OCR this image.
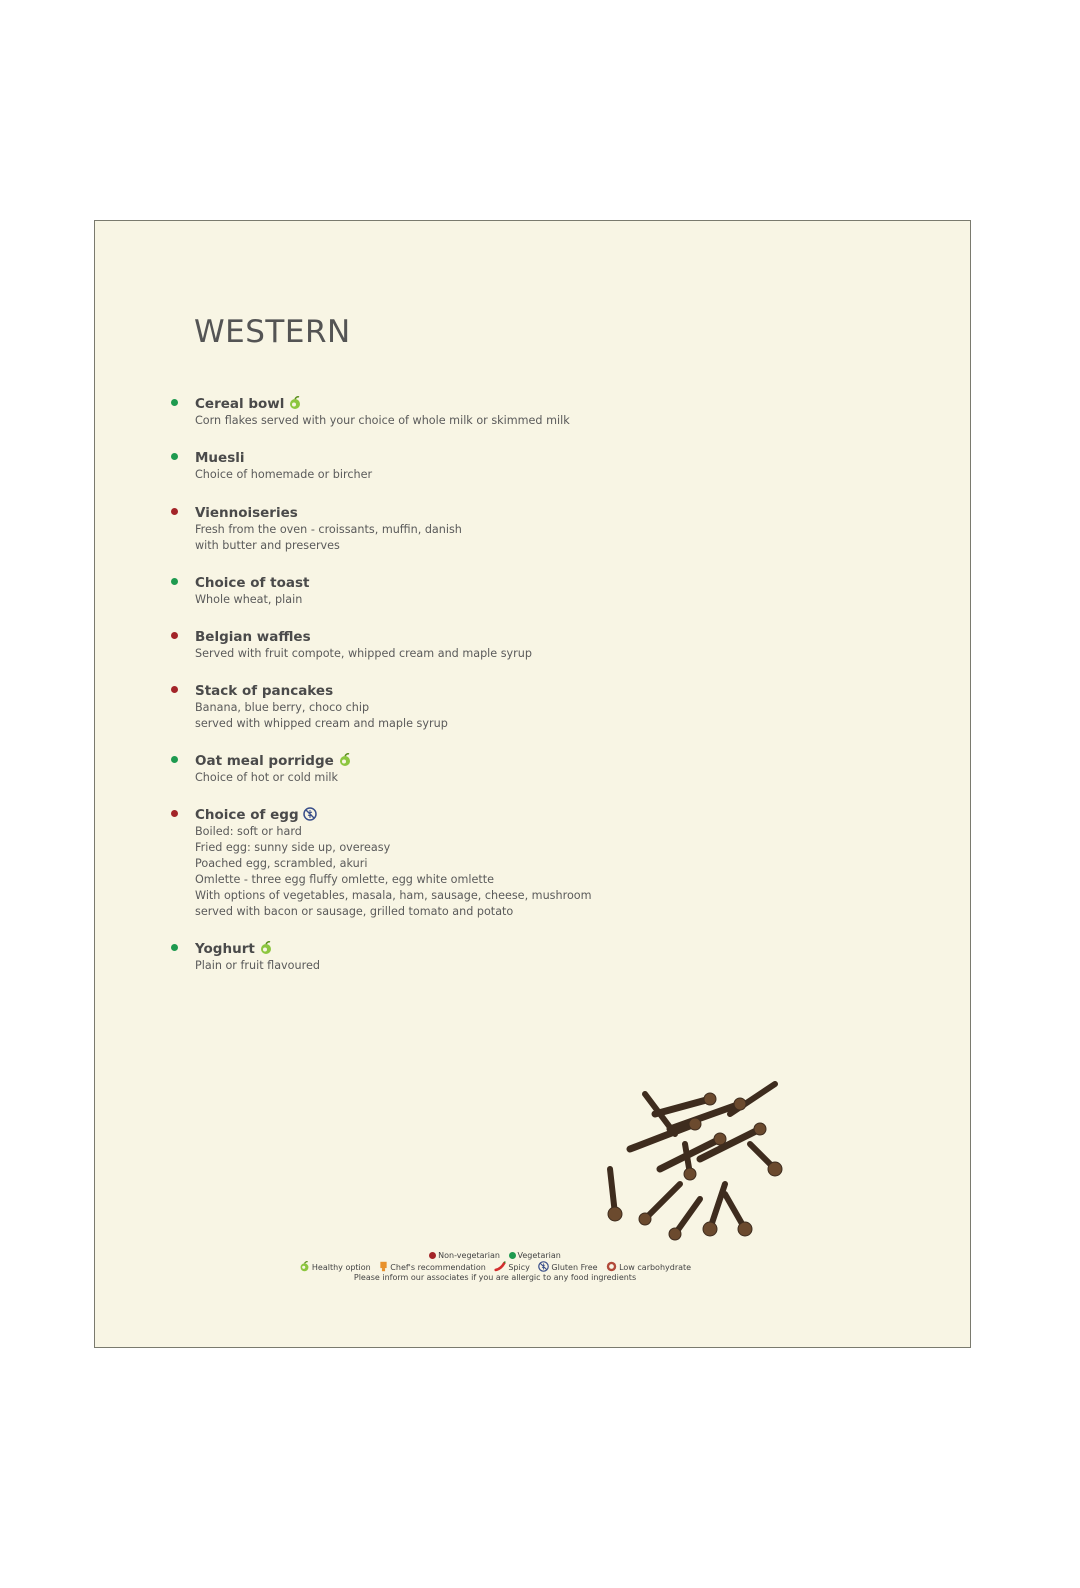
WESTERN
Cereal bowl
Corn flakes served with your choice of whole milk or skimmed milk
Muesli
Choice of homemade or bircher
Viennoiseries
Fresh from the oven - croissants, muffin, danish
with butter and preserves
Choice of toast
Whole wheat, plain
Belgian waffles
Served with fruit compote, whipped cream and maple syrup
Stack of pancakes
Banana, blue berry, choco chip
served with whipped cream and maple syrup
Oat meal porridge
Choice of hot or cold milk
Choice of egg
Boiled: soft or hard
Fried egg: sunny side up, overeasy
Poached egg, scrambled, akuri
Omlette - three egg fluffy omlette, egg white omlette
With options of vegetables, masala, ham, sausage, cheese, mushroom
served with bacon or sausage, grilled tomato and potato
Yoghurt
Plain or fruit flavoured
Non-vegetarian Vegetarian
Healthy option Chef's recommendation	Spicy	Gluten Free	Low carbohydrate
Please inform our associates if you are allergic to any food ingredients
